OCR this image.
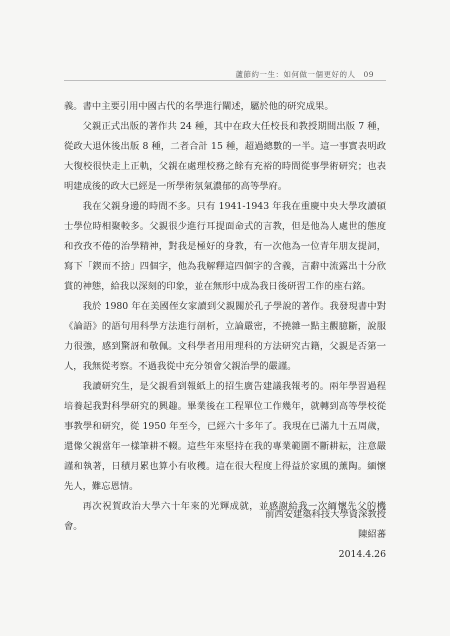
蘆節約一生：如何做一個更好的人 09

義。書中主要引用中國古代的名學進行闡述，屬於他的研究成果。

父親正式出版的著作共 24 種，其中在政大任校長和教授期間出版 7 種，從政大退休後出版 8 種，二者合計 15 種，超過總數的一半。這一事實表明政大復校很快走上正軌，父親在處理校務之餘有充裕的時間從事學術研究；也表明建成後的政大已經是一所學術氛氣濃郁的高等學府。

我在父親身邊的時間不多。只有 1941-1943 年我在重慶中央大學攻讀碩士學位時相聚較多。父親很少進行耳提面命式的言教，但是他為人處世的態度和孜孜不倦的治學精神，對我是極好的身教，有一次他為一位青年朋友提詞，寫下「鍥而不捨」四個字，他為我解釋這四個字的含義，言辭中流露出十分欣賞的神態，給我以深刻的印象，並在無形中成為我日後研習工作的座右銘。

我於 1980 年在美國侄女家讀到父親關於孔子學說的著作。我發現書中對《論語》的語句用科學方法進行剖析，立論嚴密，不撓雜一點主觀臆斷，說服力很強，感到驚訝和敬佩。文科學者用用理科的方法研究古籍，父親是否第一人，我無從考察。不過我從中充分領會父親治學的嚴謹。

我讀研究生，是父親看到報紙上的招生廣告建議我報考的。兩年學習過程培養起我對科學研究的興趣。畢業後在工程單位工作幾年，就轉到高等學校從事教學和研究，從 1950 年至今，已經六十多年了。我現在已滿九十五周歲，還像父親當年一樣筆耕不輟。這些年來堅持在我的專業範圍不斷耕耘，注意嚴謹和執著，日積月累也算小有收穫。這在很大程度上得益於家風的薰陶。緬懷先人，難忘恩情。

再次祝賀政治大學六十年來的光輝成就，並感謝給我一次緬懷先父的機會。

前西安建築科技大學資深教授
陳紹蕃
2014.4.26
